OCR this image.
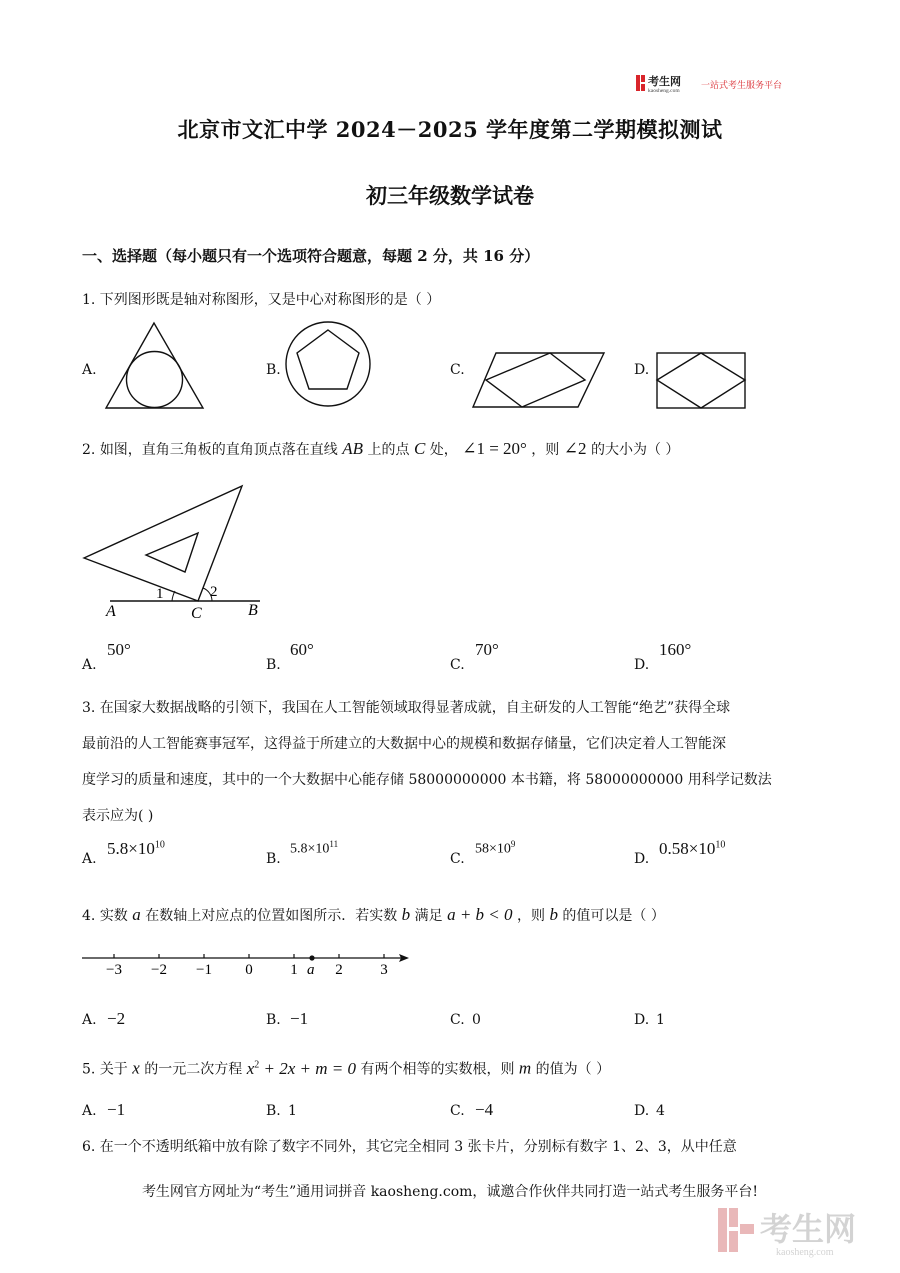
考生网
kaosheng.com 一站式考生服务平台
北京市文汇中学 2024－2025 学年度第二学期模拟测试
初三年级数学试卷
一、选择题（每小题只有一个选项符合题意，每题 2 分，共 16 分）
1. 下列图形既是轴对称图形，又是中心对称图形的是（ ）
A.	B.	C.	D.
2. 如图，直角三角板的直角顶点落在直线 AB 上的点 C 处， ∠1 = 20° ，则 ∠2 的大小为（ ）
1	2
A	C	B
A.
50°
B.
60°
C.
70°
D.
160°
3. 在国家大数据战略的引领下，我国在人工智能领域取得显著成就，自主研发的人工智能“绝艺”获得全球
最前沿的人工智能赛事冠军，这得益于所建立的大数据中心的规模和数据存储量，它们决定着人工智能深
度学习的质量和速度，其中的一个大数据中心能存储 58000000000 本书籍，将 58000000000 用科学记数法
表示应为( )
A.
$5.8\times 10^{10}$
B.
$5.8\times 10^{11}$
C.
$58\times 10^9$
D.
$0.58\times 10^{10}$
4. 实数 a 在数轴上对应点的位置如图所示．若实数 b 满足 a + b < 0 ，则 b 的值可以是（ ）
−3 −2 −1 0	1	2	3
a
A. −2	B. −1	C. 0	D. 1
5. 关于 x 的一元二次方程 $x^2 + 2x + m = 0$ 有两个相等的实数根，则 m 的值为（ ）
A. −1	B. 1	C. −4	D. 4
6. 在一个不透明纸箱中放有除了数字不同外，其它完全相同 3 张卡片，分别标有数字 1、2、3，从中任意
考生网官方网址为“考生”通用词拼音 kaosheng.com，诚邀合作伙伴共同打造一站式考生服务平台!
考生网
kaosheng.com
